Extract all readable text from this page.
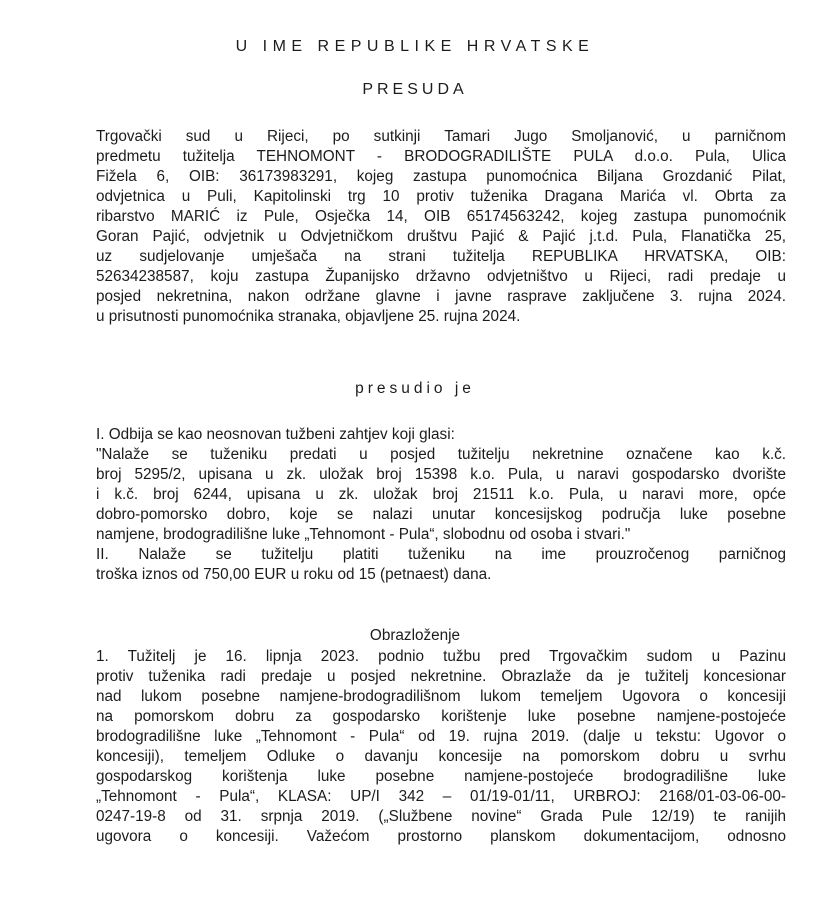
U IME REPUBLIKE HRVATSKE
PRESUDA
Trgovački sud u Rijeci, po sutkinji Tamari Jugo Smoljanović, u parničnom
predmetu tužitelja TEHNOMONT - BRODOGRADILIŠTE PULA d.o.o. Pula, Ulica
Fižela 6, OIB: 36173983291, kojeg zastupa punomoćnica Biljana Grozdanić Pilat,
odvjetnica u Puli, Kapitolinski trg 10 protiv tuženika Dragana Marića vl. Obrta za
ribarstvo MARIĆ iz Pule, Osječka 14, OIB 65174563242, kojeg zastupa punomoćnik
Goran Pajić, odvjetnik u Odvjetničkom društvu Pajić & Pajić j.t.d. Pula, Flanatička 25,
uz sudjelovanje umješača na strani tužitelja REPUBLIKA HRVATSKA, OIB:
52634238587, koju zastupa Županijsko državno odvjetništvo u Rijeci, radi predaje u
posjed nekretnina, nakon održane glavne i javne rasprave zaključene 3. rujna 2024.
u prisutnosti punomoćnika stranaka, objavljene 25. rujna 2024.
presudio je
I. Odbija se kao neosnovan tužbeni zahtjev koji glasi:
"Nalaže se tuženiku predati u posjed tužitelju nekretnine označene kao k.č.
broj 5295/2, upisana u zk. uložak broj 15398 k.o. Pula, u naravi gospodarsko dvorište
i k.č. broj 6244, upisana u zk. uložak broj 21511 k.o. Pula, u naravi more, opće
dobro-pomorsko dobro, koje se nalazi unutar koncesijskog područja luke posebne
namjene, brodogradilišne luke „Tehnomont - Pula“, slobodnu od osoba i stvari."
II. Nalaže se tužitelju platiti tuženiku na ime prouzročenog parničnog
troška iznos od 750,00 EUR u roku od 15 (petnaest) dana.
Obrazloženje
1. Tužitelj je 16. lipnja 2023. podnio tužbu pred Trgovačkim sudom u Pazinu
protiv tuženika radi predaje u posjed nekretnine. Obrazlaže da je tužitelj koncesionar
nad lukom posebne namjene-brodogradilišnom lukom temeljem Ugovora o koncesiji
na pomorskom dobru za gospodarsko korištenje luke posebne namjene-postojeće
brodogradilišne luke „Tehnomont - Pula“ od 19. rujna 2019. (dalje u tekstu: Ugovor o
koncesiji), temeljem Odluke o davanju koncesije na pomorskom dobru u svrhu
gospodarskog korištenja luke posebne namjene-postojeće brodogradilišne luke
„Tehnomont - Pula“, KLASA: UP/I 342 – 01/19-01/11, URBROJ: 2168/01-03-06-00-
0247-19-8 od 31. srpnja 2019. („Službene novine“ Grada Pule 12/19) te ranijih
ugovora o koncesiji. Važećom prostorno planskom dokumentacijom, odnosno
